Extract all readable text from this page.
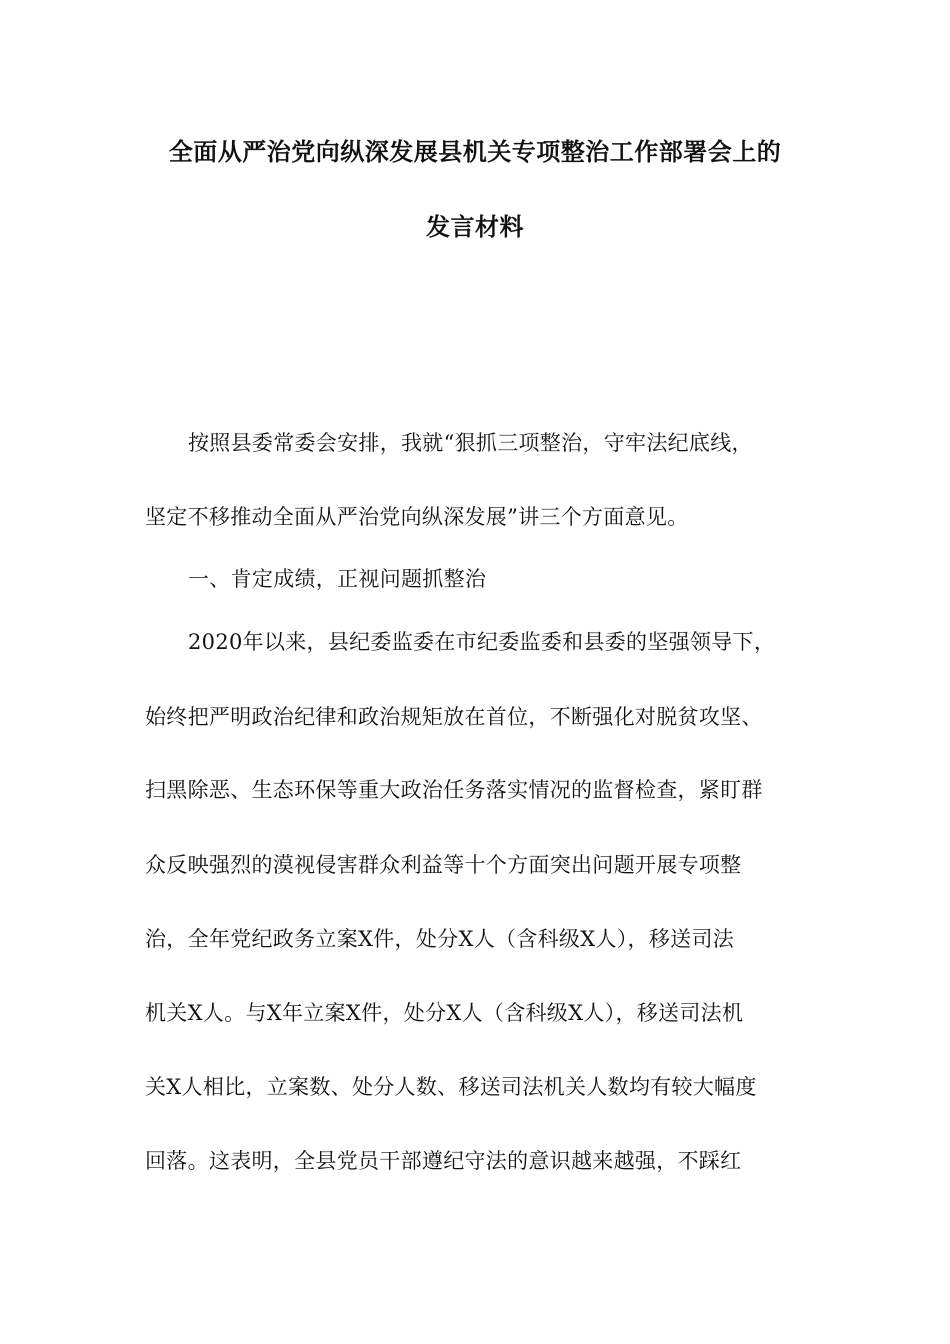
全面从严治党向纵深发展县机关专项整治工作部署会上的
发言材料
按照县委常委会安排，我就“狠抓三项整治，守牢法纪底线，
坚定不移推动全面从严治党向纵深发展”讲三个方面意见。
一、肯定成绩，正视问题抓整治
2020年以来，县纪委监委在市纪委监委和县委的坚强领导下，
始终把严明政治纪律和政治规矩放在首位，不断强化对脱贫攻坚、
扫黑除恶、生态环保等重大政治任务落实情况的监督检查，紧盯群
众反映强烈的漠视侵害群众利益等十个方面突出问题开展专项整
治，全年党纪政务立案X件，处分X人（含科级X人），移送司法
机关X人。与X年立案X件，处分X人（含科级X人），移送司法机
关X人相比，立案数、处分人数、移送司法机关人数均有较大幅度
回落。这表明，全县党员干部遵纪守法的意识越来越强，不踩红
